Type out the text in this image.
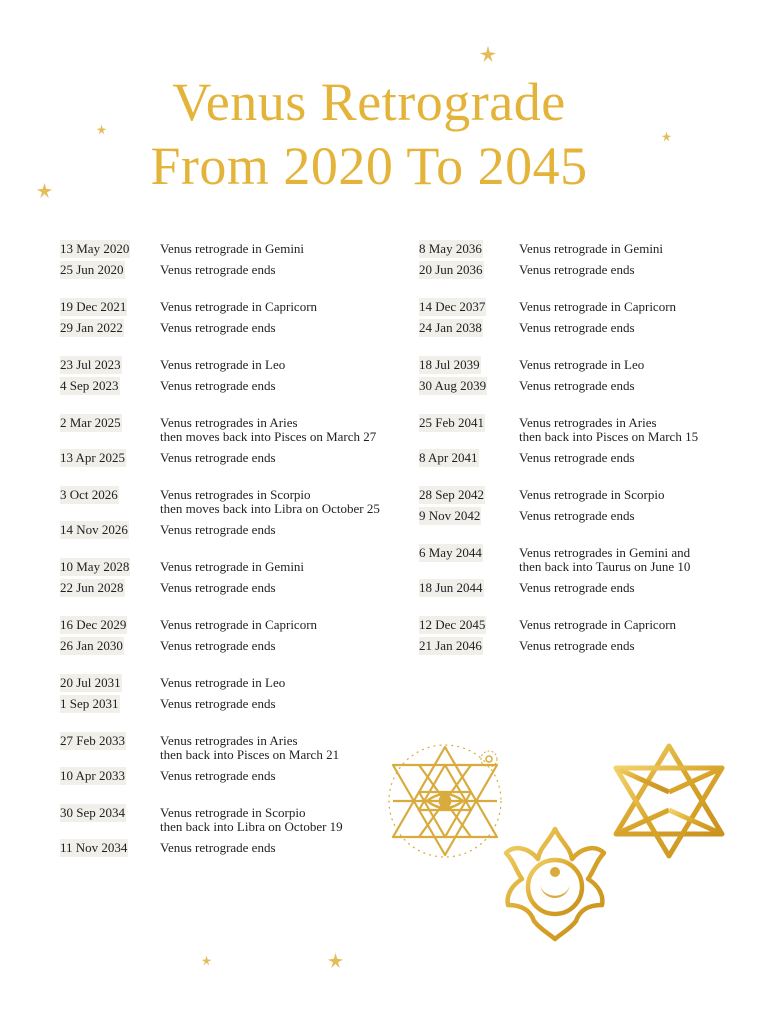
Venus Retrograde
From 2020 To 2045
13 May 2020	Venus retrograde in Gemini
25 Jun 2020	Venus retrograde ends
19 Dec 2021	Venus retrograde in Capricorn
29 Jan 2022	Venus retrograde ends
23 Jul 2023	Venus retrograde in Leo
4 Sep 2023	Venus retrograde ends
2 Mar 2025	Venus retrogrades in Aries
then moves back into Pisces on March 27
13 Apr 2025	Venus retrograde ends
3 Oct 2026	Venus retrogrades in Scorpio
then moves back into Libra on October 25
14 Nov 2026	Venus retrograde ends
10 May 2028	Venus retrograde in Gemini
22 Jun 2028	Venus retrograde ends
16 Dec 2029	Venus retrograde in Capricorn
26 Jan 2030	Venus retrograde ends
20 Jul 2031	Venus retrograde in Leo
1 Sep 2031	Venus retrograde ends
27 Feb 2033	Venus retrogrades in Aries
then back into Pisces on March 21
10 Apr 2033	Venus retrograde ends
30 Sep 2034	Venus retrograde in Scorpio
then back into Libra on October 19
11 Nov 2034	Venus retrograde ends
8 May 2036	Venus retrograde in Gemini
20 Jun 2036	Venus retrograde ends
14 Dec 2037	Venus retrograde in Capricorn
24 Jan 2038	Venus retrograde ends
18 Jul 2039	Venus retrograde in Leo
30 Aug 2039	Venus retrograde ends
25 Feb 2041	Venus retrogrades in Aries
then back into Pisces on March 15
8 Apr 2041	Venus retrograde ends
28 Sep 2042	Venus retrograde in Scorpio
9 Nov 2042	Venus retrograde ends
6 May 2044	Venus retrogrades in Gemini and
then back into Taurus on June 10
18 Jun 2044	Venus retrograde ends
12 Dec 2045	Venus retrograde in Capricorn
21 Jan 2046	Venus retrograde ends
